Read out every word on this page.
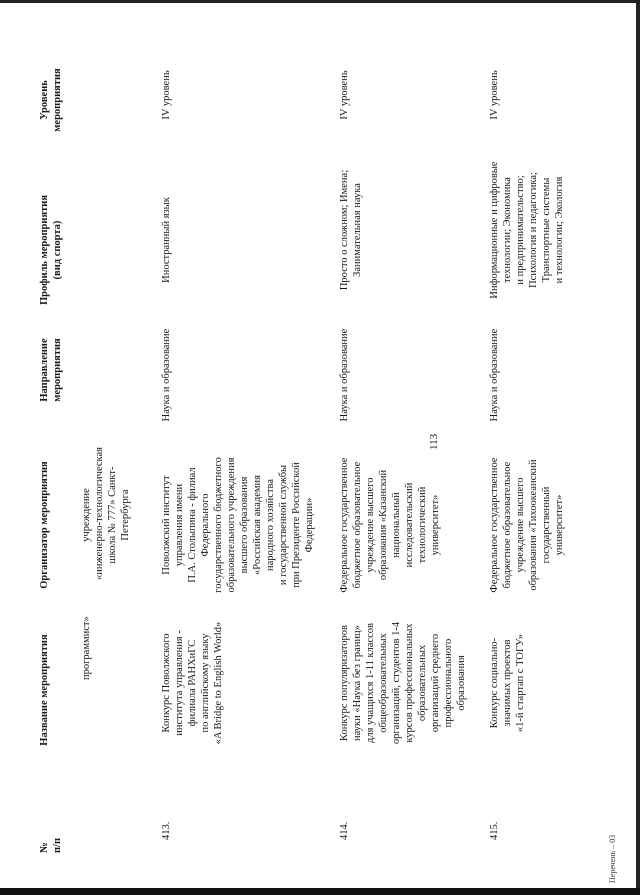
113
№ п/п
Название мероприятия
Организатор мероприятия
Направление мероприятия
Профиль мероприятия (вид спорта)
Уровень мероприятия
программист»
учреждение «инженерно-технологическая школа № 777» Санкт- Петербурга
413.
Конкурс Поволжского института управления - филиала РАНХиГС по английскому языку «A Bridge to English World»
Поволжский институт управления имени П.А. Столыпина - филиал Федерального государственного бюджетного образовательного учреждения высшего образования «Российская академия народного хозяйства и государственной службы при Президенте Российской Федерации»
Наука и образование
Иностранный язык
IV уровень
414.
Конкурс популяризаторов науки «Наука без границ» для учащихся 1-11 классов общеобразовательных организаций, студентов 1-4 курсов профессиональных образовательных организаций среднего профессионального образования
Федеральное государственное бюджетное образовательное учреждение высшего образования «Казанский национальный исследовательский технологический университет»
Наука и образование
Просто о сложном; Имена; Занимательная наука
IV уровень
415.
Конкурс социально- значимых проектов «1-й стартап с ТОГУ»
Федеральное государственное бюджетное образовательное учреждение высшего образования «Тихоокеанский государственный университет»
Наука и образование
Информационные и цифровые технологии; Экономика и предпринимательство; Психология и педагогика; Транспортные системы и технологии; Экология
IV уровень
Перечень – 03
